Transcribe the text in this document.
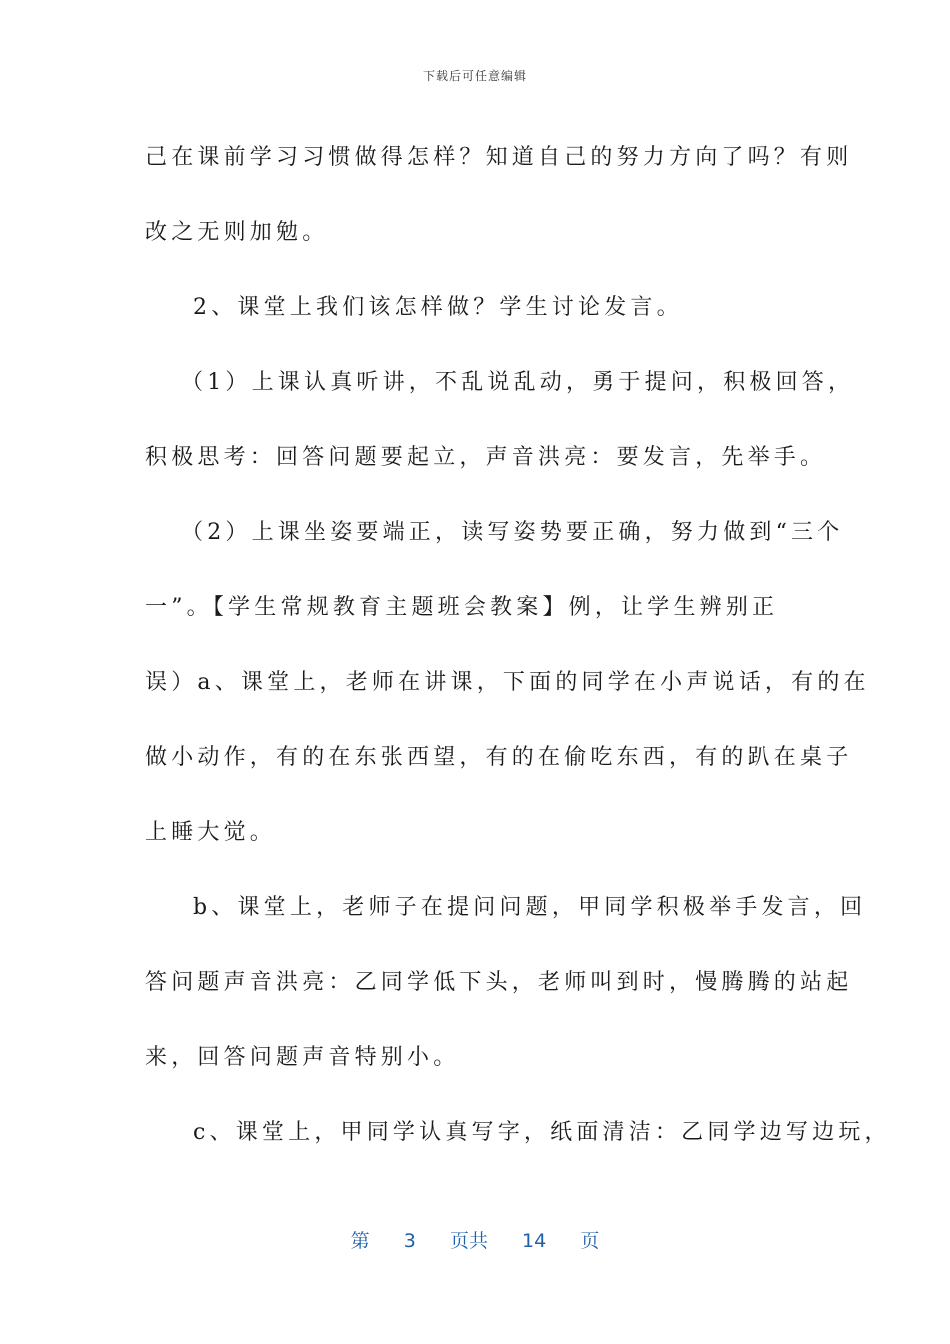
下载后可任意编辑
己在课前学习习惯做得怎样？知道自己的努力方向了吗？有则
改之无则加勉。
2、课堂上我们该怎样做？学生讨论发言。
（1）上课认真听讲，不乱说乱动，勇于提问，积极回答，
积极思考：回答问题要起立，声音洪亮：要发言，先举手。
（2）上课坐姿要端正，读写姿势要正确，努力做到“三个
一”。【学生常规教育主题班会教案】例，让学生辨别正
误）a、课堂上，老师在讲课，下面的同学在小声说话，有的在
做小动作，有的在东张西望，有的在偷吃东西，有的趴在桌子
上睡大觉。
b、课堂上，老师子在提问问题，甲同学积极举手发言，回
答问题声音洪亮：乙同学低下头，老师叫到时，慢腾腾的站起
来，回答问题声音特别小。
c、课堂上，甲同学认真写字，纸面清洁：乙同学边写边玩，
第 3 页共 14 页
